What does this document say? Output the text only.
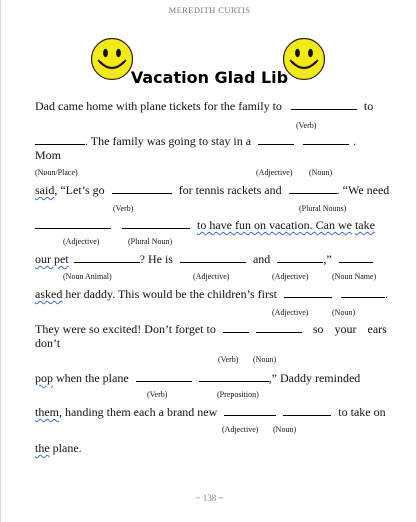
MEREDITH CURTIS
Vacation Glad Lib
Dad came home with plane tickets for the family to	to
(Verb)
. The family was going to stay in a	.
Mom
(Noun/Place)	(Adjective) (Noun)
said, “Let’s go	for tennis rackets and	. “We need
(Verb)	(Plural Nouns)
to have fun on vacation. Can we take
(Adjective)	(Plural Noun)
our pet	? He is	and	,”
(Noun Animal)	(Adjective)	(Adjective)	(Noun Name)
asked her daddy. This would be the children’s first	.
(Adjective)	(Noun)
They were so excited! Don’t forget to	so your ears
don’t
(Verb) (Noun)
pop when the plane	,” Daddy reminded
(Verb)	(Preposition)
them, handing them each a brand new	to take on
(Adjective) (Noun)
the plane.
~ 138 ~
